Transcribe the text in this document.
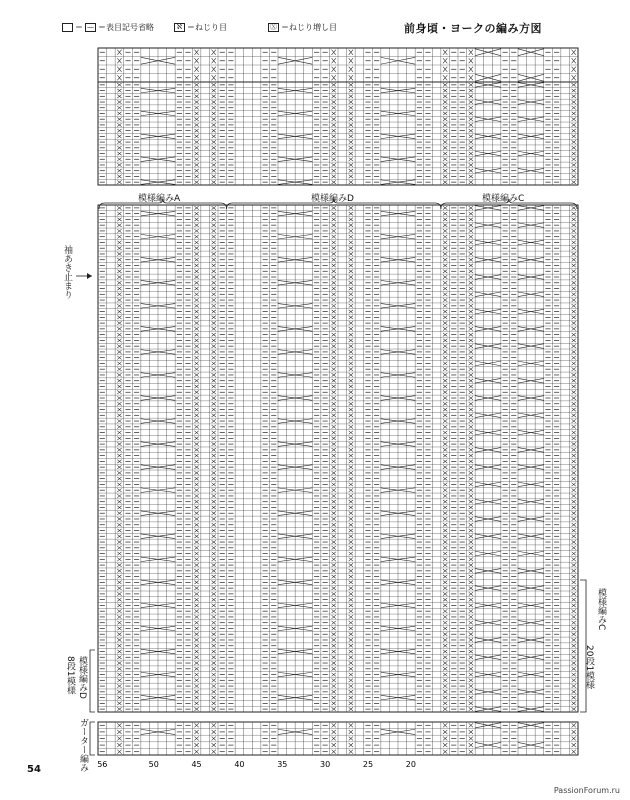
＝ — ＝表目記号省略	ℵ ＝ねじり目	Ⓧ ＝ねじり増し目	前身頃・ヨークの編み方図
56	50	45	40	35	30	25	20
模様編みA	模様編みD	模様編みC
袖あき止まり
模様編みD
8段1模様
ガーター編み
模様編みC
20段1模様
54
PassionForum.ru
